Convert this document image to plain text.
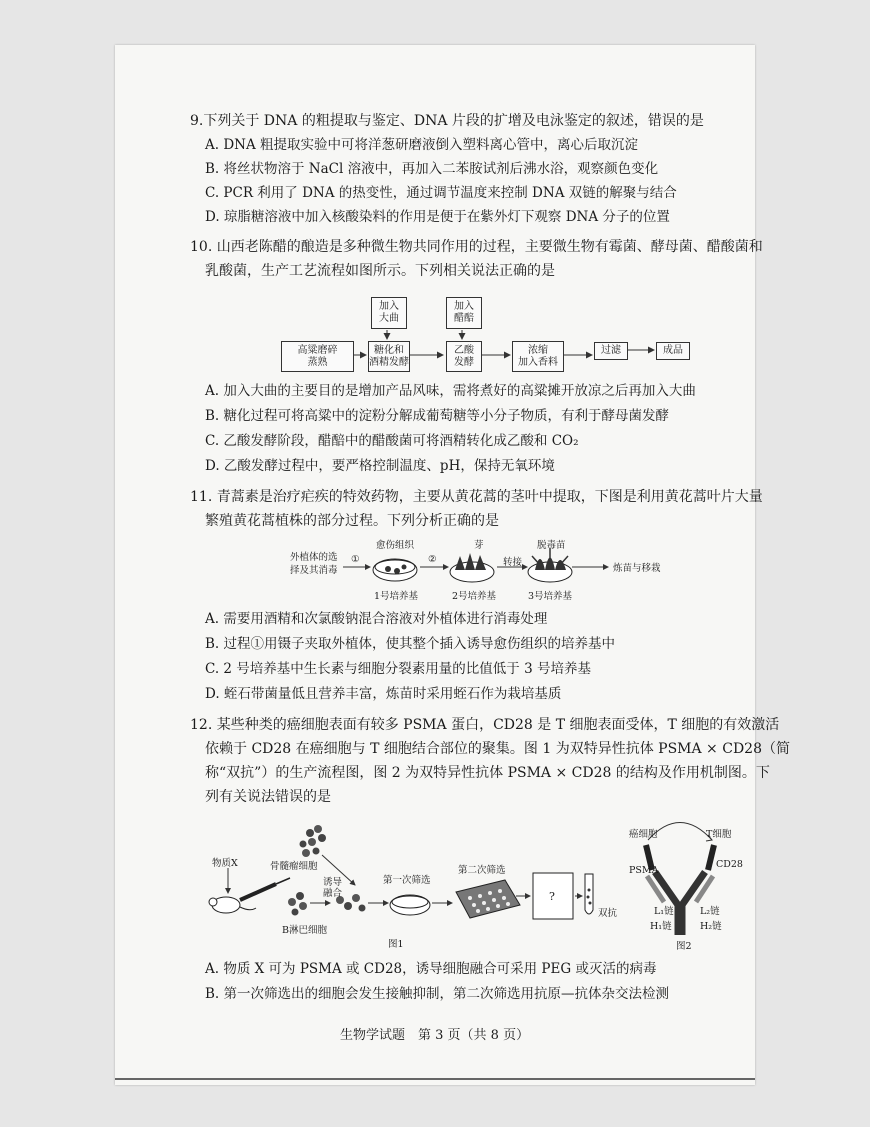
9.下列关于 DNA 的粗提取与鉴定、DNA 片段的扩增及电泳鉴定的叙述，错误的是
A. DNA 粗提取实验中可将洋葱研磨液倒入塑料离心管中，离心后取沉淀
B. 将丝状物溶于 NaCl 溶液中，再加入二苯胺试剂后沸水浴，观察颜色变化
C. PCR 利用了 DNA 的热变性，通过调节温度来控制 DNA 双链的解聚与结合
D. 琼脂糖溶液中加入核酸染料的作用是便于在紫外灯下观察 DNA 分子的位置
10. 山西老陈醋的酿造是多种微生物共同作用的过程，主要微生物有霉菌、酵母菌、醋酸菌和
乳酸菌，生产工艺流程如图所示。下列相关说法正确的是
加入
大曲
加入
醋醅
高粱磨碎
蒸熟
糖化和
酒精发酵
乙酸
发酵
浓缩
加入香料
过滤	成品
A. 加入大曲的主要目的是增加产品风味，需将煮好的高粱摊开放凉之后再加入大曲
B. 糖化过程可将高粱中的淀粉分解成葡萄糖等小分子物质，有利于酵母菌发酵
C. 乙酸发酵阶段，醋醅中的醋酸菌可将酒精转化成乙酸和 CO₂
D. 乙酸发酵过程中，要严格控制温度、pH，保持无氧环境
11. 青蒿素是治疗疟疾的特效药物，主要从黄花蒿的茎叶中提取，下图是利用黄花蒿叶片大量
繁殖黄花蒿植株的部分过程。下列分析正确的是
外植体的选
择及其消毒
愈伤组织	芽	脱毒苗
①	②	转接
1号培养基	2号培养基	3号培养基
炼苗与移栽
A. 需要用酒精和次氯酸钠混合溶液对外植体进行消毒处理
B. 过程①用镊子夹取外植体，使其整个插入诱导愈伤组织的培养基中
C. 2 号培养基中生长素与细胞分裂素用量的比值低于 3 号培养基
D. 蛭石带菌量低且营养丰富，炼苗时采用蛭石作为栽培基质
12. 某些种类的癌细胞表面有较多 PSMA 蛋白，CD28 是 T 细胞表面受体，T 细胞的有效激活
依赖于 CD28 在癌细胞与 T 细胞结合部位的聚集。图 1 为双特异性抗体 PSMA × CD28（简
称“双抗”）的生产流程图，图 2 为双特异性抗体 PSMA × CD28 的结构及作用机制图。下
列有关说法错误的是
物质X	骨髓瘤细胞
诱导
融合
B淋巴细胞
第一次筛选
第二次筛选
?
双抗
图1
癌细胞	T细胞
PSMA
CD28
L₁链	L₂链
H₁链	H₂链
图2
A. 物质 X 可为 PSMA 或 CD28，诱导细胞融合可采用 PEG 或灭活的病毒
B. 第一次筛选出的细胞会发生接触抑制，第二次筛选用抗原—抗体杂交法检测
生物学试题　第 3 页（共 8 页）
